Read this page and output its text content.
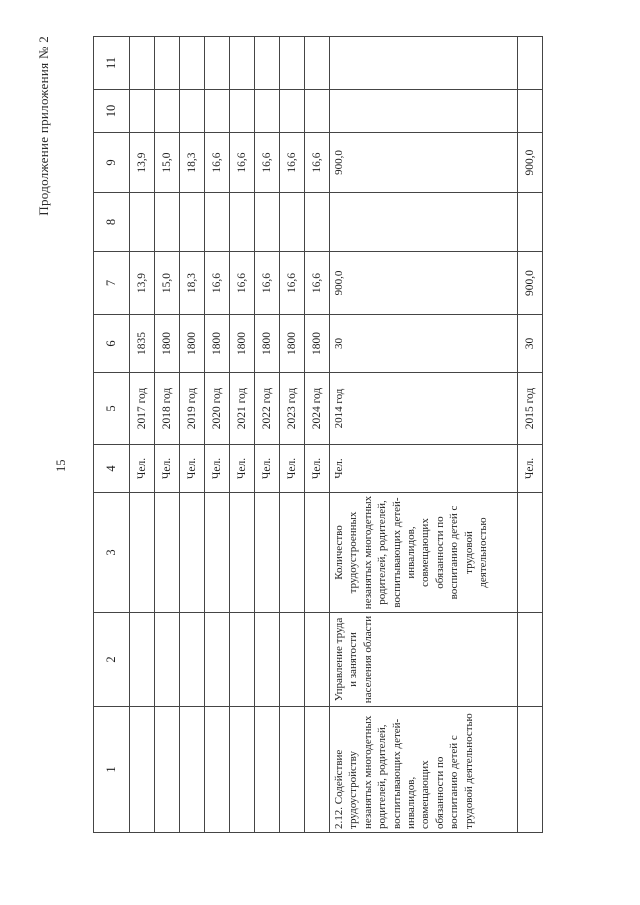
Продолжение приложения № 2
15
1	2	3	4	5	6	7	8	9	10	11
			Чел.	2017 год	1835	13,9		13,9		
			Чел.	2018 год	1800	15,0		15,0		
			Чел.	2019 год	1800	18,3		18,3		
			Чел.	2020 год	1800	16,6		16,6		
			Чел.	2021 год	1800	16,6		16,6		
			Чел.	2022 год	1800	16,6		16,6		
			Чел.	2023 год	1800	16,6		16,6		
			Чел.	2024 год	1800	16,6		16,6		
2.12. Содействие трудоустройству незанятых многодетных родителей, родителей, воспитывающих детей-инвалидов, совмещающих обязанности по воспитанию детей с трудовой деятельностью	Управление труда и занятости населения области	Количество трудоустроенных незанятых многодетных родителей, родителей, воспитывающих детей-инвалидов, совмещающих обязанности по воспитанию детей с трудовой деятельностью	Чел.	2014 год	30	900,0		900,0		
			Чел.	2015 год	30	900,0		900,0		
